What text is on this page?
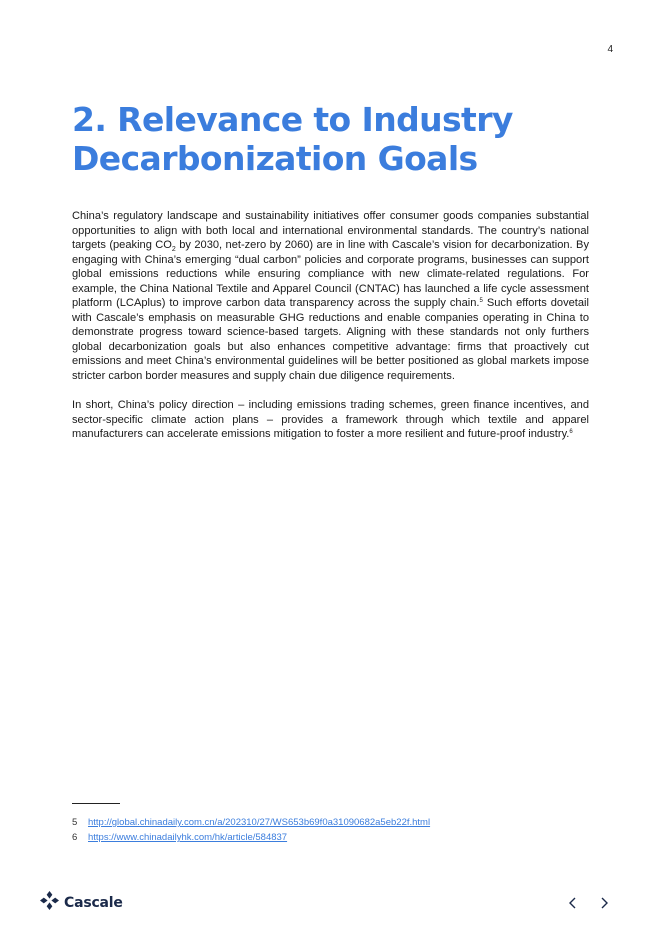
4
2. Relevance to Industry
Decarbonization Goals

China’s regulatory landscape and sustainability initiatives offer consumer goods companies substantial opportunities to align with both local and international environmental standards. The country’s national targets (peaking $CO_2$ by 2030, net-zero by 2060) are in line with Cascale’s vision for decarbonization. By engaging with China’s emerging “dual carbon” policies and corporate programs, businesses can support global emissions reductions while ensuring compliance with new climate-related regulations. For example, the China National Textile and Apparel Council (CNTAC) has launched a life cycle assessment platform (LCAplus) to improve carbon data transparency across the supply chain.$^5$ Such efforts dovetail with Cascale’s emphasis on measurable GHG reductions and enable companies operating in China to demonstrate progress toward science-based targets. Aligning with these standards not only furthers global decarbonization goals but also enhances competitive advantage: firms that proactively cut emissions and meet China’s environmental guidelines will be better positioned as global markets impose stricter carbon border measures and supply chain due diligence requirements.

In short, China’s policy direction – including emissions trading schemes, green finance incentives, and sector-specific climate action plans – provides a framework through which textile and apparel manufacturers can accelerate emissions mitigation to foster a more resilient and future-proof industry.$^6$

5	http://global.chinadaily.com.cn/a/202310/27/WS653b69f0a31090682a5eb22f.html
6	https://www.chinadailyhk.com/hk/article/584837
Cascale
